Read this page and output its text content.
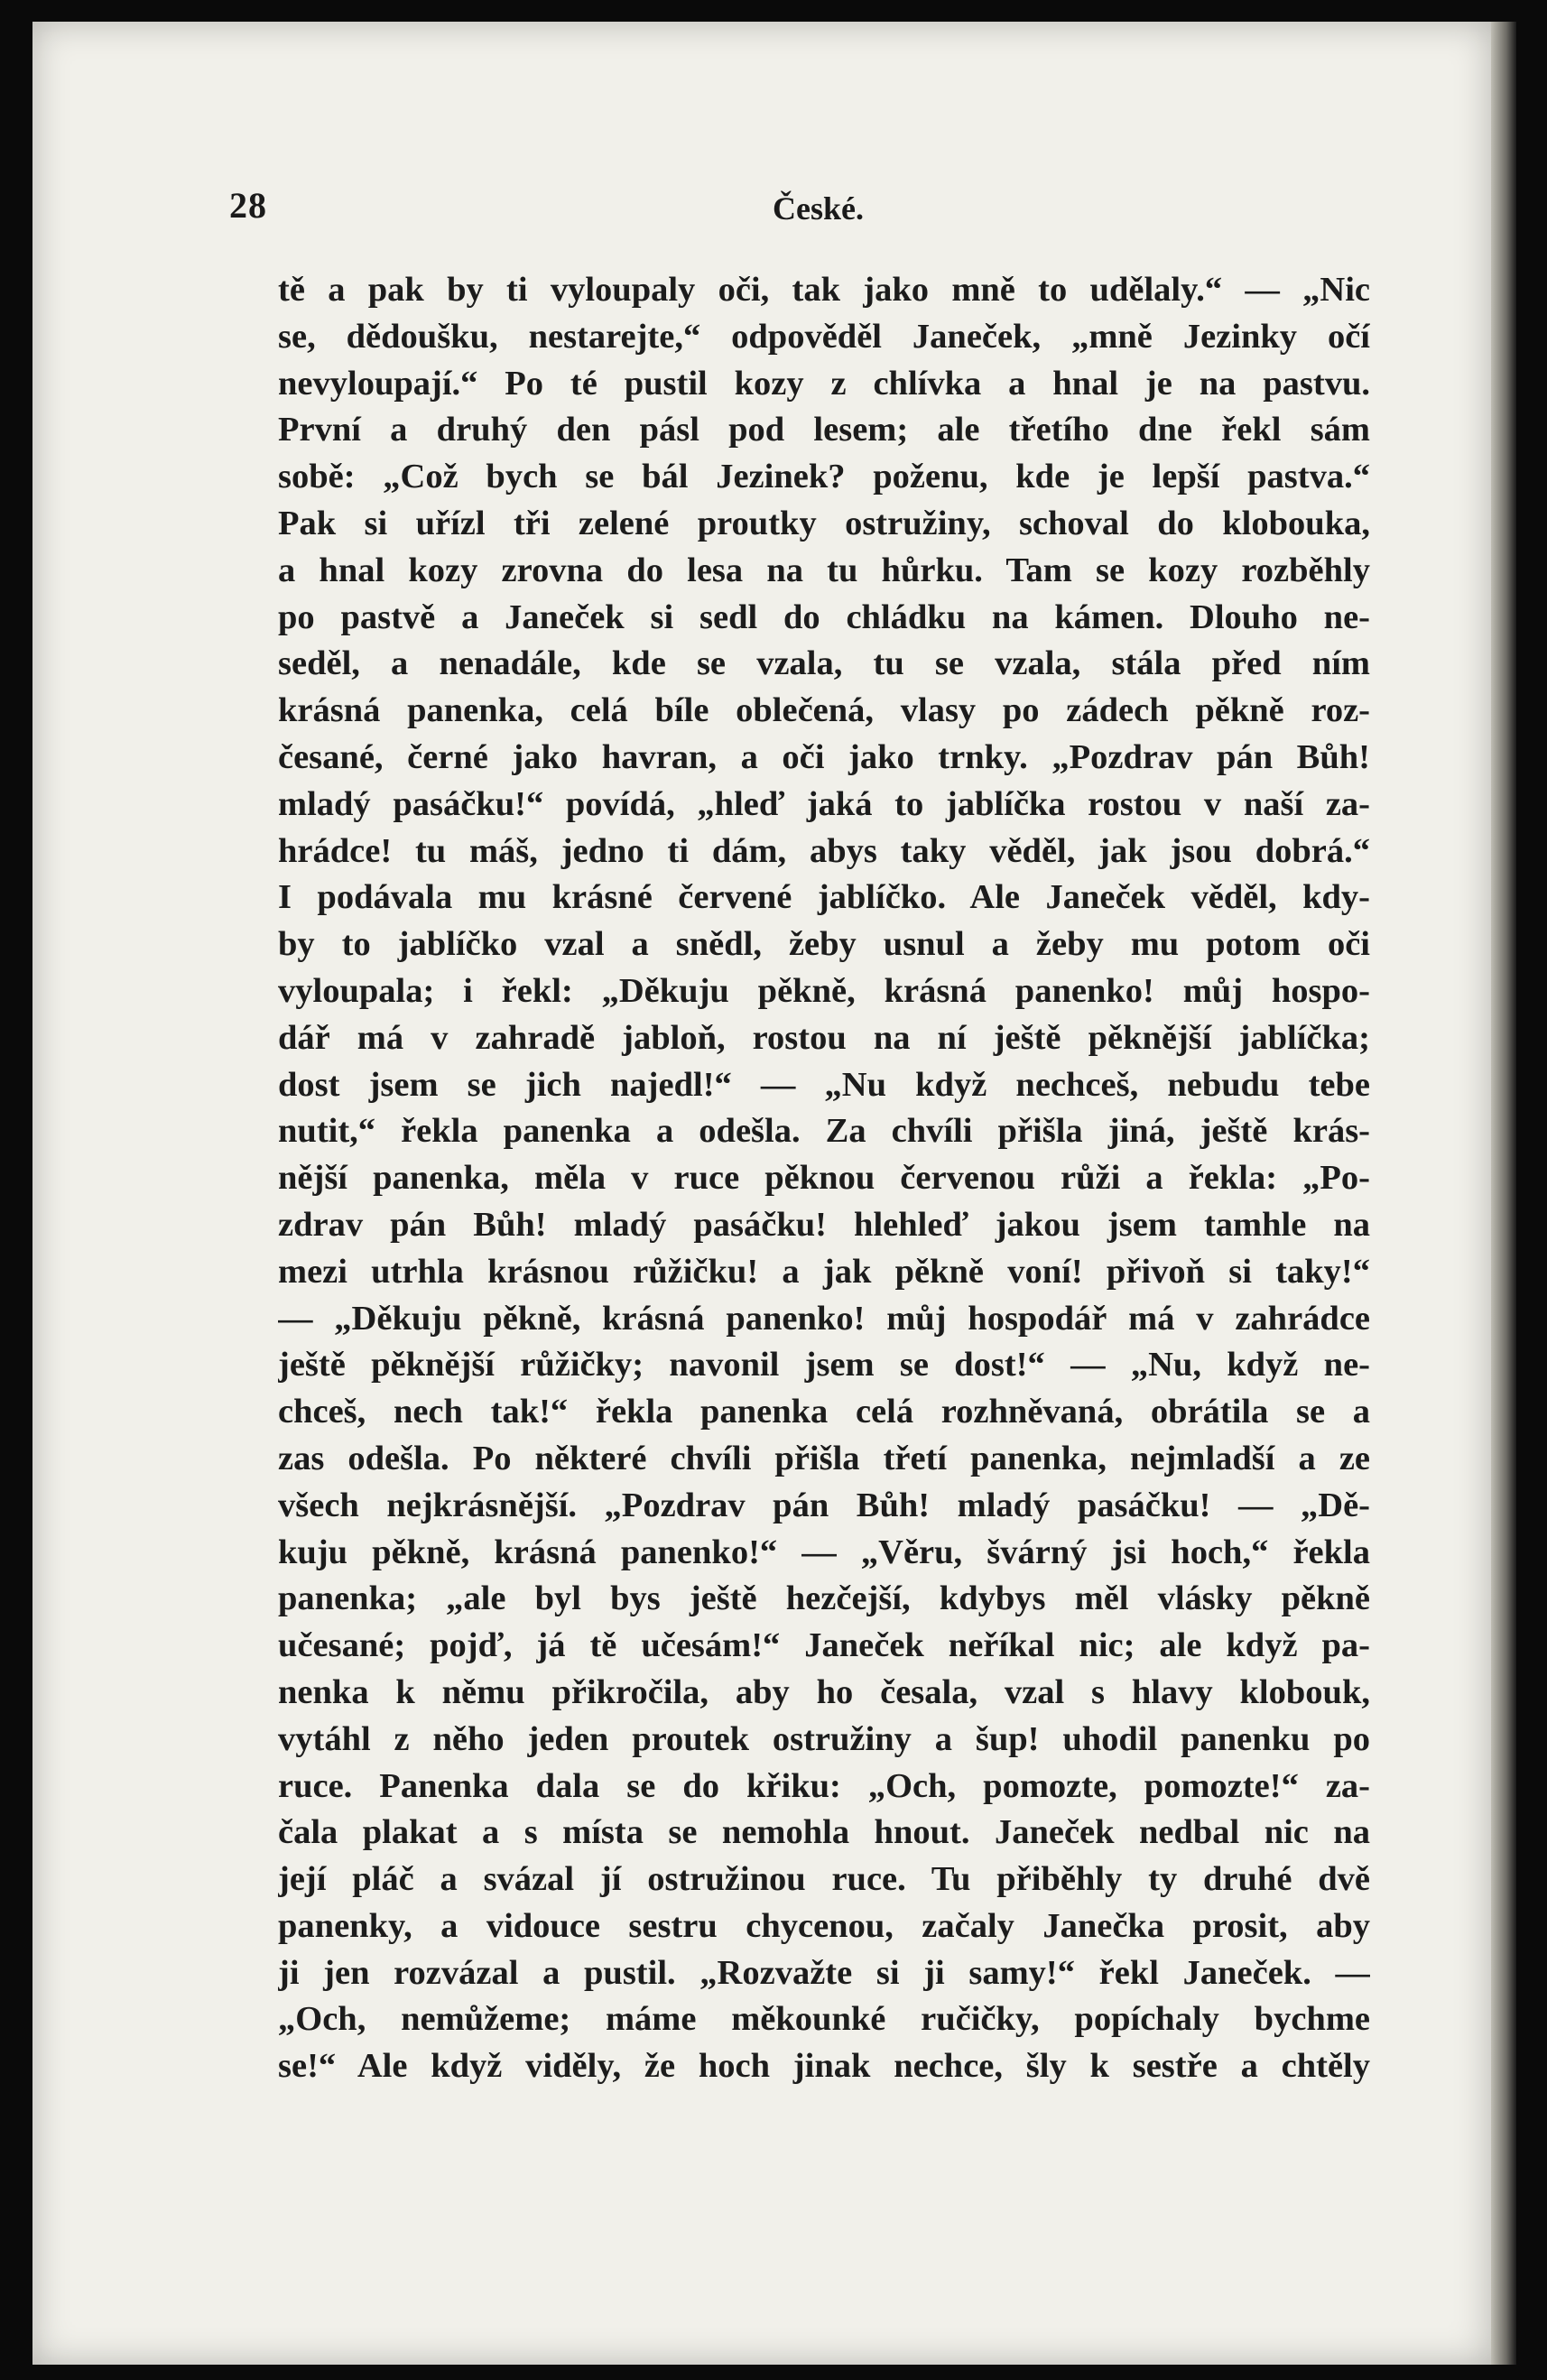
28	České.
tě a pak by ti vyloupaly oči, tak jako mně to udělaly.“ — „Nic
se, dědoušku, nestarejte,“ odpověděl Janeček, „mně Jezinky očí
nevyloupají.“ Po té pustil kozy z chlívka a hnal je na pastvu.
První a druhý den pásl pod lesem; ale třetího dne řekl sám
sobě: „Což bych se bál Jezinek? poženu, kde je lepší pastva.“
Pak si uřízl tři zelené proutky ostružiny, schoval do klobouka,
a hnal kozy zrovna do lesa na tu hůrku. Tam se kozy rozběhly
po pastvě a Janeček si sedl do chládku na kámen. Dlouho ne-
seděl, a nenadále, kde se vzala, tu se vzala, stála před ním
krásná panenka, celá bíle oblečená, vlasy po zádech pěkně roz-
česané, černé jako havran, a oči jako trnky. „Pozdrav pán Bůh!
mladý pasáčku!“ povídá, „hleď jaká to jablíčka rostou v naší za-
hrádce! tu máš, jedno ti dám, abys taky věděl, jak jsou dobrá.“
I podávala mu krásné červené jablíčko. Ale Janeček věděl, kdy-
by to jablíčko vzal a snědl, žeby usnul a žeby mu potom oči
vyloupala; i řekl: „Děkuju pěkně, krásná panenko! můj hospo-
dář má v zahradě jabloň, rostou na ní ještě pěknější jablíčka;
dost jsem se jich najedl!“ — „Nu když nechceš, nebudu tebe
nutit,“ řekla panenka a odešla. Za chvíli přišla jiná, ještě krás-
nější panenka, měla v ruce pěknou červenou růži a řekla: „Po-
zdrav pán Bůh! mladý pasáčku! hlehleď jakou jsem tamhle na
mezi utrhla krásnou růžičku! a jak pěkně voní! přivoň si taky!“
— „Děkuju pěkně, krásná panenko! můj hospodář má v zahrádce
ještě pěknější růžičky; navonil jsem se dost!“ — „Nu, když ne-
chceš, nech tak!“ řekla panenka celá rozhněvaná, obrátila se a
zas odešla. Po některé chvíli přišla třetí panenka, nejmladší a ze
všech nejkrásnější. „Pozdrav pán Bůh! mladý pasáčku! — „Dě-
kuju pěkně, krásná panenko!“ — „Věru, švárný jsi hoch,“ řekla
panenka; „ale byl bys ještě hezčejší, kdybys měl vlásky pěkně
učesané; pojď, já tě učesám!“ Janeček neříkal nic; ale když pa-
nenka k němu přikročila, aby ho česala, vzal s hlavy klobouk,
vytáhl z něho jeden proutek ostružiny a šup! uhodil panenku po
ruce. Panenka dala se do křiku: „Och, pomozte, pomozte!“ za-
čala plakat a s místa se nemohla hnout. Janeček nedbal nic na
její pláč a svázal jí ostružinou ruce. Tu přiběhly ty druhé dvě
panenky, a vidouce sestru chycenou, začaly Janečka prosit, aby
ji jen rozvázal a pustil. „Rozvažte si ji samy!“ řekl Janeček. —
„Och, nemůžeme; máme měkounké ručičky, popíchaly bychme
se!“ Ale když viděly, že hoch jinak nechce, šly k sestře a chtěly
